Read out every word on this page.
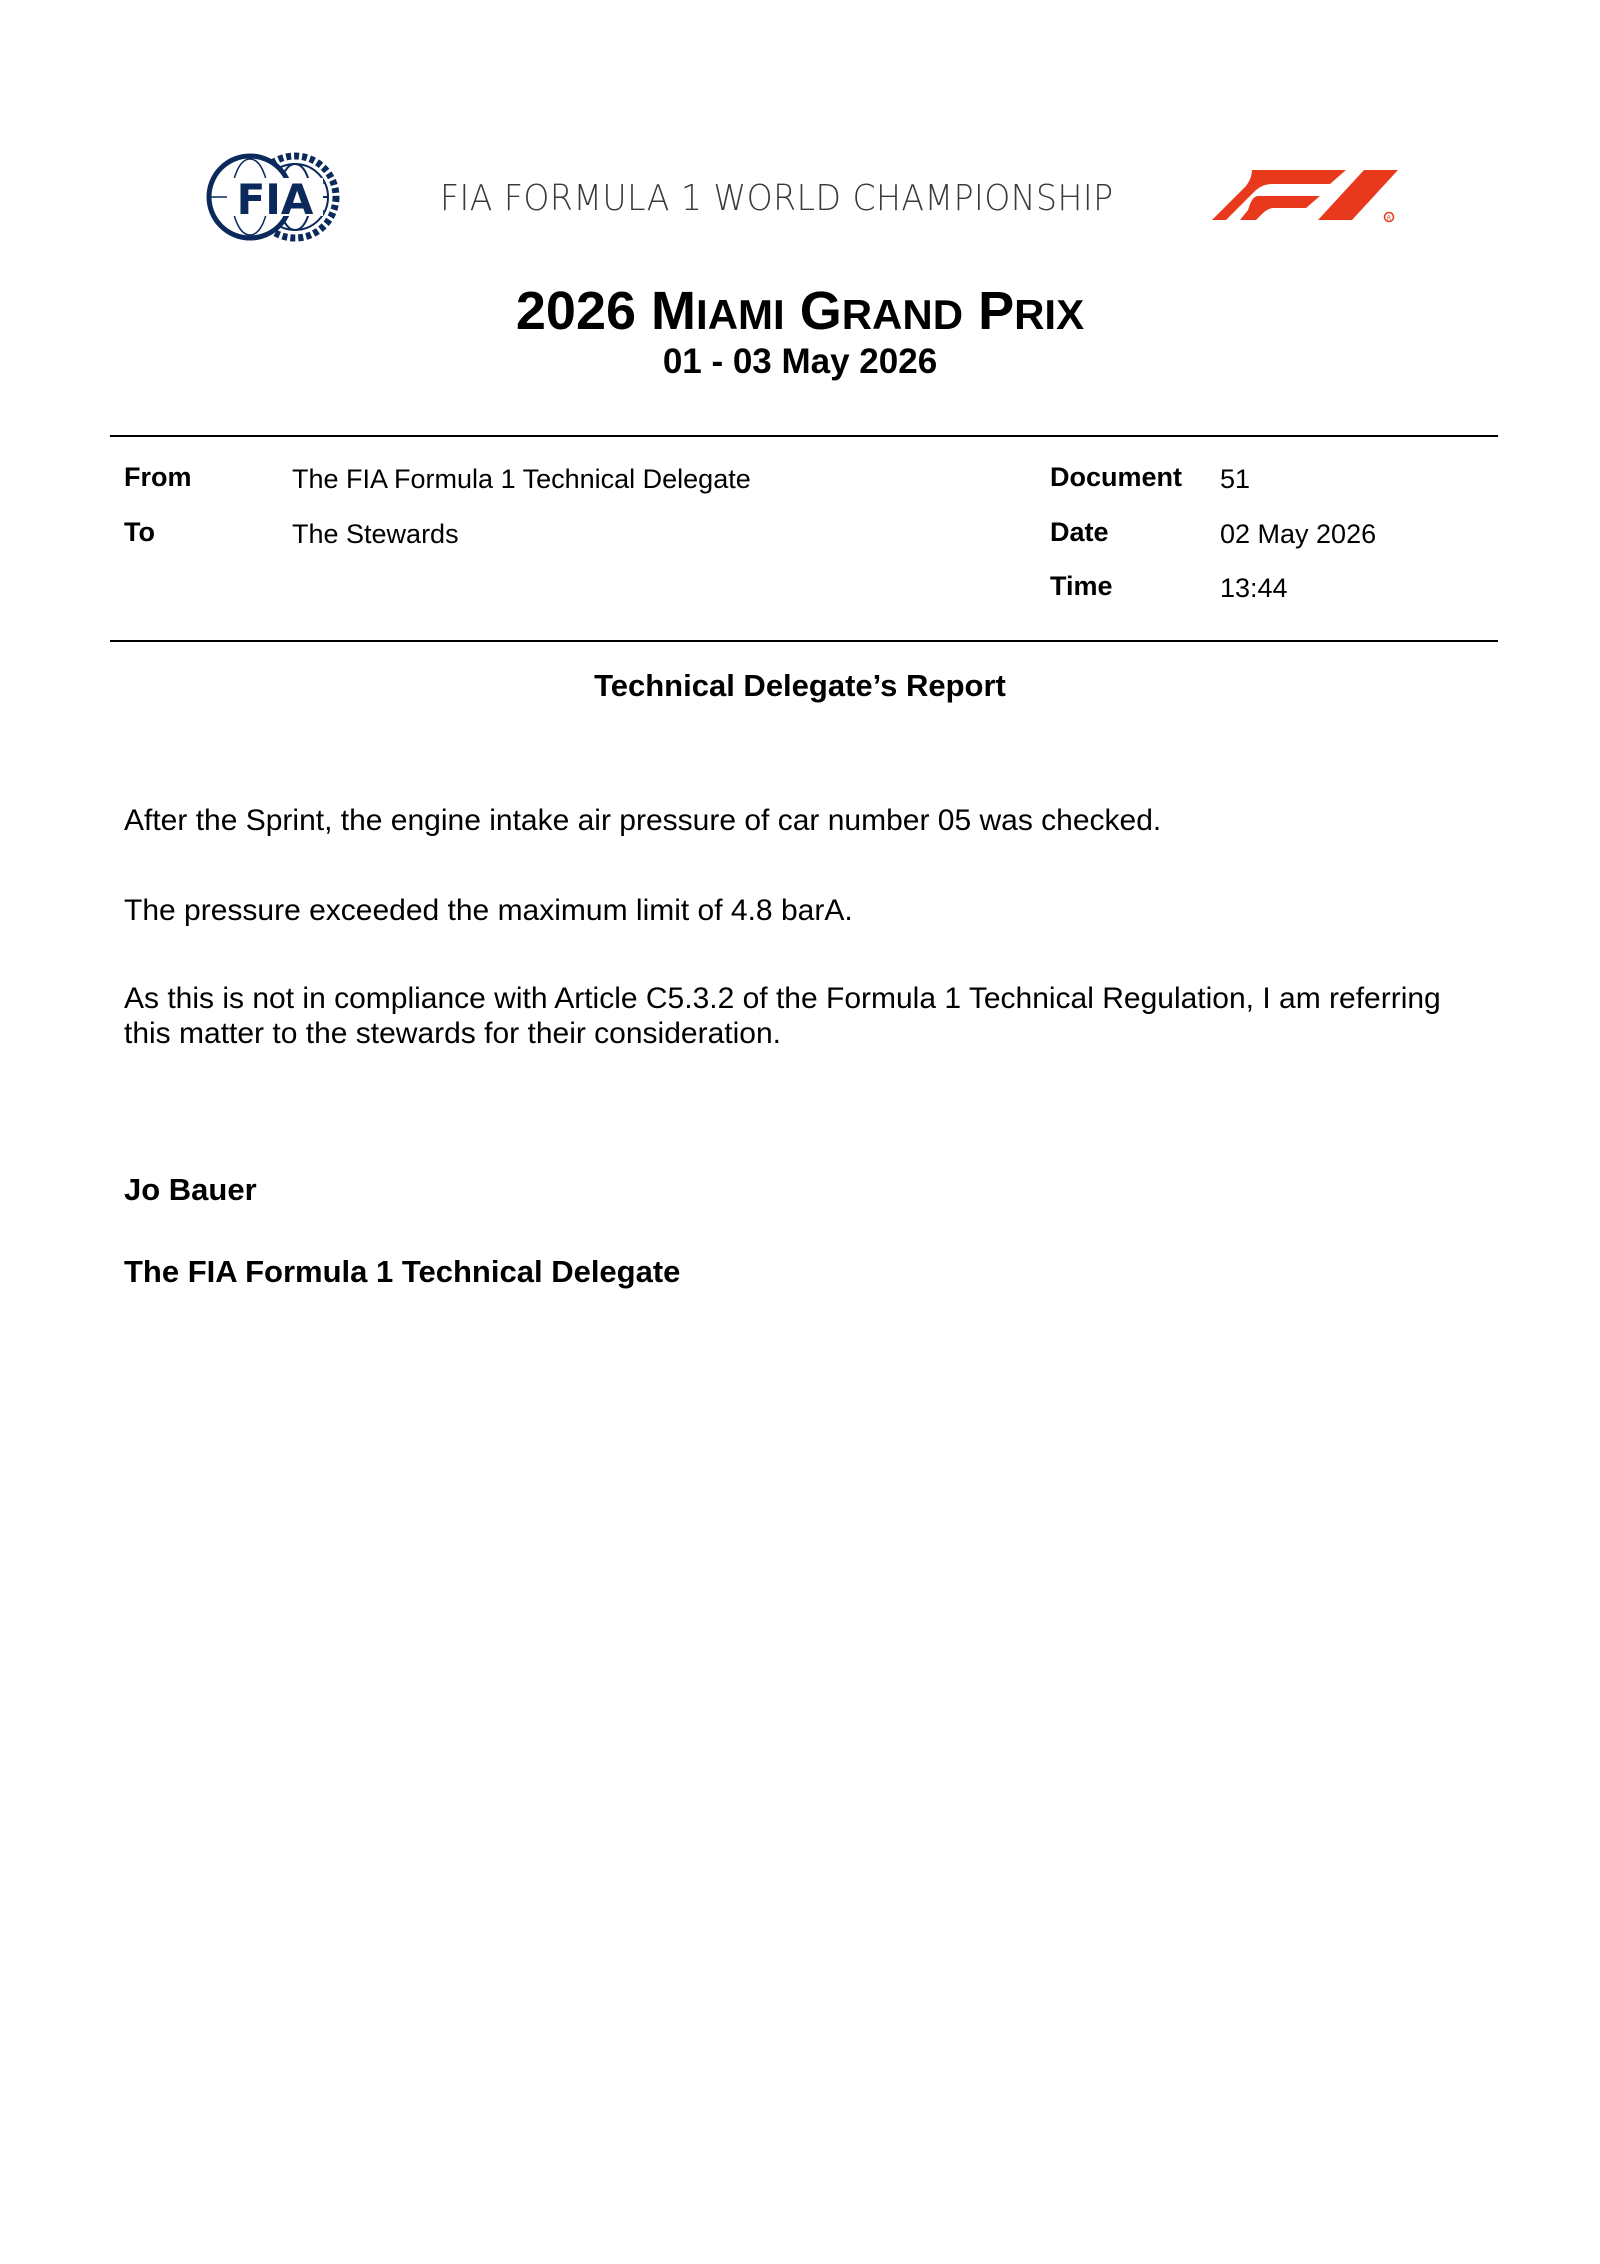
FIA	FIA FORMULA 1 WORLD CHAMPIONSHIP	R
2026 MIAMI GRAND PRIX
01 - 03 May 2026
From	The FIA Formula 1 Technical Delegate
To	The Stewards
Document 51
Date	02 May 2026
Time	13:44
Technical Delegate’s Report
After the Sprint, the engine intake air pressure of car number 05 was checked.
The pressure exceeded the maximum limit of 4.8 barA.
As this is not in compliance with Article C5.3.2 of the Formula 1 Technical Regulation, I am referring this matter to the stewards for their consideration.
Jo Bauer
The FIA Formula 1 Technical Delegate
